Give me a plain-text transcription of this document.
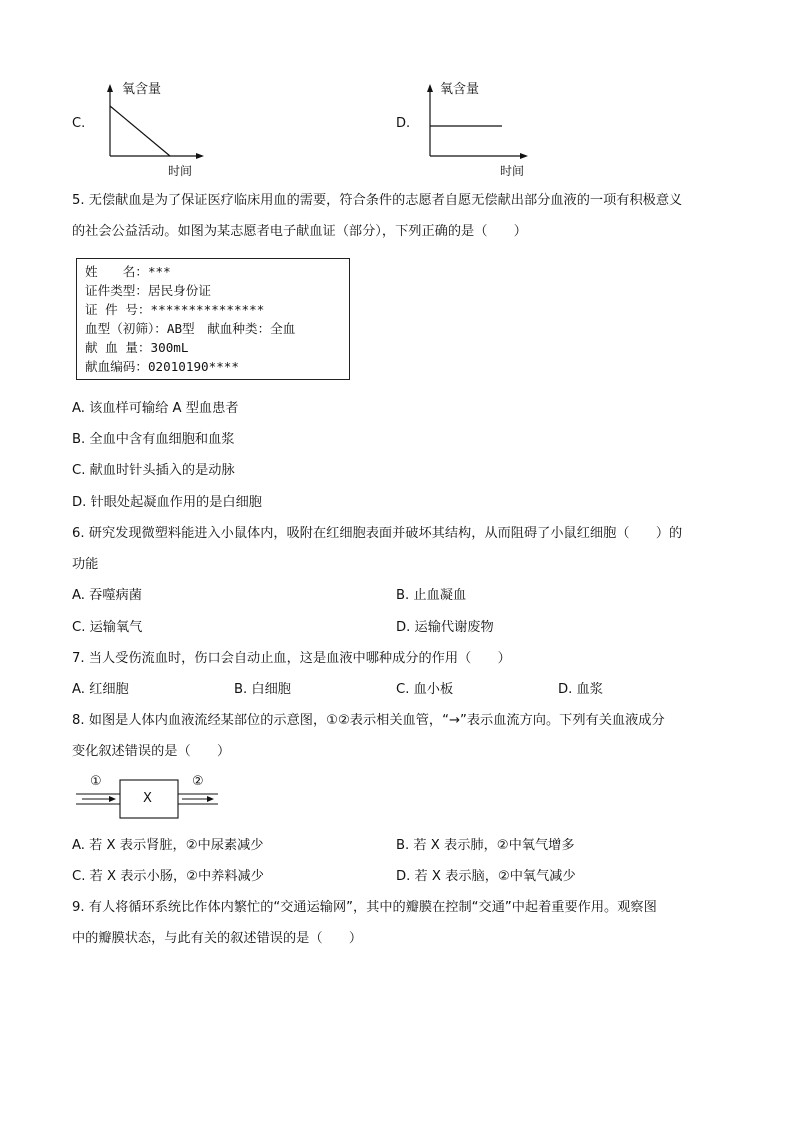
C.
氧含量
时间
D.
氧含量
时间
5. 无偿献血是为了保证医疗临床用血的需要，符合条件的志愿者自愿无偿献出部分血液的一项有积极意义
的社会公益活动。如图为某志愿者电子献血证（部分），下列正确的是（　　）
姓　　名：***
证件类型：居民身份证
证 件 号：***************
血型（初筛）：AB型　献血种类：全血
献 血 量：300mL
献血编码：02010190****
A. 该血样可输给 A 型血患者
B. 全血中含有血细胞和血浆
C. 献血时针头插入的是动脉
D. 针眼处起凝血作用的是白细胞
6. 研究发现微塑料能进入小鼠体内，吸附在红细胞表面并破坏其结构，从而阻碍了小鼠红细胞（　　）的
功能
A. 吞噬病菌	B. 止血凝血
C. 运输氧气	D. 运输代谢废物
7. 当人受伤流血时，伤口会自动止血，这是血液中哪种成分的作用（　　）
A. 红细胞	B. 白细胞	C. 血小板	D. 血浆
8. 如图是人体内血液流经某部位的示意图，①②表示相关血管，“→”表示血流方向。下列有关血液成分
变化叙述错误的是（　　）
①	②
X
A. 若 X 表示肾脏，②中尿素减少	B. 若 X 表示肺，②中氧气增多
C. 若 X 表示小肠，②中养料减少	D. 若 X 表示脑，②中氧气减少
9. 有人将循环系统比作体内繁忙的“交通运输网”，其中的瓣膜在控制“交通”中起着重要作用。观察图
中的瓣膜状态，与此有关的叙述错误的是（　　）
